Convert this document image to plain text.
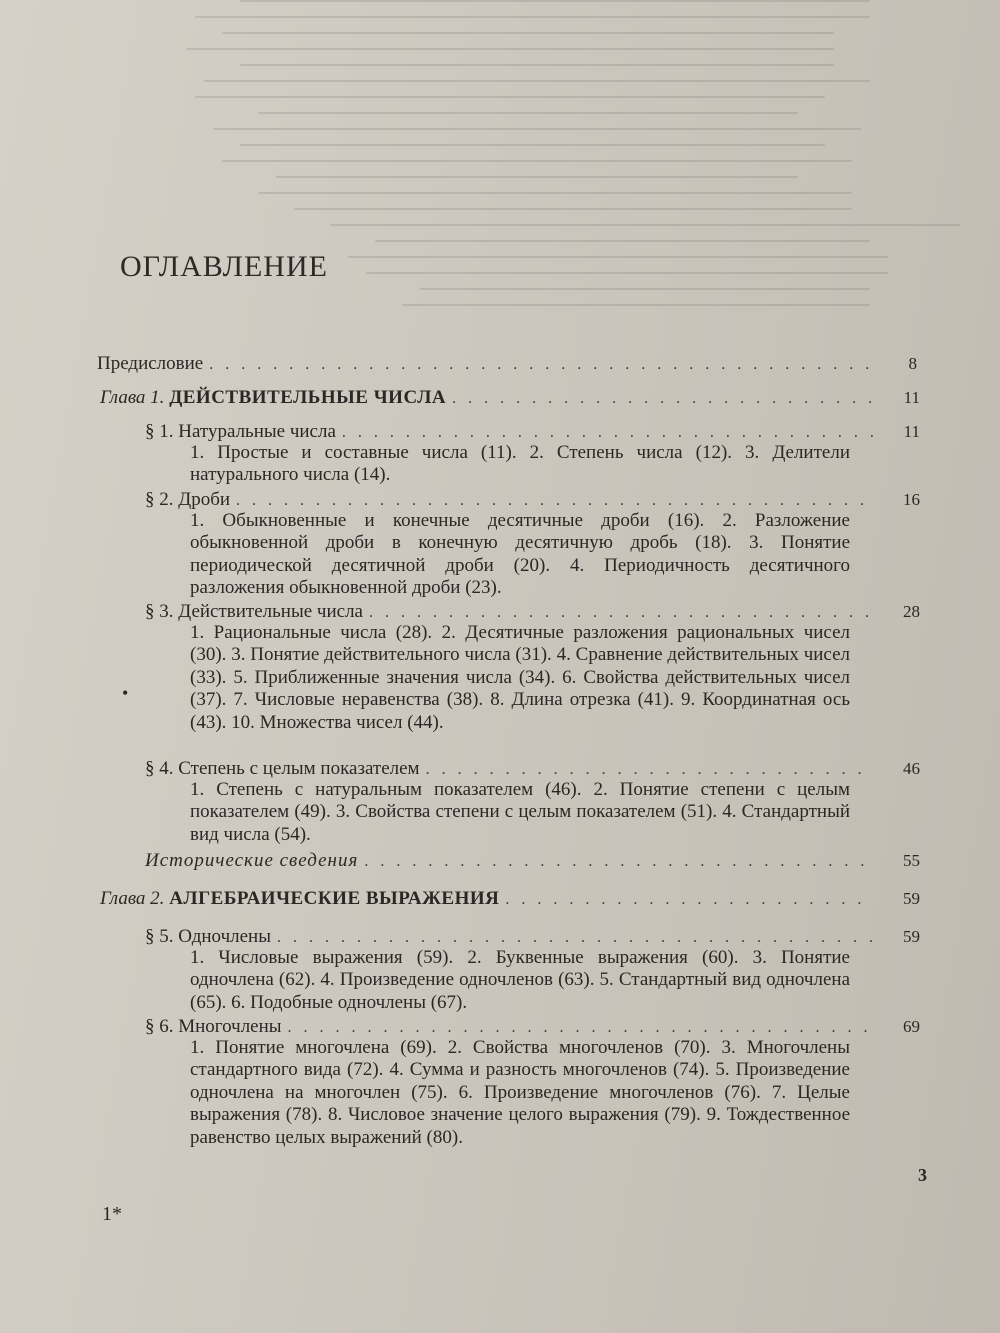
ОГЛАВЛЕНИЕ
Предисловие . . .	8
Глава 1. ДЕЙСТВИТЕЛЬНЫЕ ЧИСЛА . . .	11
§ 1. Натуральные числа . . .	11
1. Простые и составные числа (11). 2. Степень числа (12). 3. Делители натурального числа (14).
§ 2. Дроби . . .	16
1. Обыкновенные и конечные десятичные дроби (16). 2. Разложение обыкновенной дроби в конечную десятичную дробь (18). 3. Понятие периодической десятичной дроби (20). 4. Периодичность десятичного разложения обыкновенной дроби (23).
§ 3. Действительные числа . . .	28
1. Рациональные числа (28). 2. Десятичные разложения рациональных чисел (30). 3. Понятие действительного числа (31). 4. Сравнение действительных чисел (33). 5. Приближенные значения числа (34). 6. Свойства действительных чисел (37). 7. Числовые неравенства (38). 8. Длина отрезка (41). 9. Координатная ось (43). 10. Множества чисел (44).
•
§ 4. Степень с целым показателем . . .	46
1. Степень с натуральным показателем (46). 2. Понятие степени с целым показателем (49). 3. Свойства степени с целым показателем (51). 4. Стандартный вид числа (54).
Исторические сведения . . .	55
Глава 2. АЛГЕБРАИЧЕСКИЕ ВЫРАЖЕНИЯ . . .	59
§ 5. Одночлены . . .	59
1. Числовые выражения (59). 2. Буквенные выражения (60). 3. Понятие одночлена (62). 4. Произведение одночленов (63). 5. Стандартный вид одночлена (65). 6. Подобные одночлены (67).
§ 6. Многочлены . . .	69
1. Понятие многочлена (69). 2. Свойства многочленов (70). 3. Многочлены стандартного вида (72). 4. Сумма и разность многочленов (74). 5. Произведение одночлена на многочлен (75). 6. Произведение многочленов (76). 7. Целые выражения (78). 8. Числовое значение целого выражения (79). 9. Тождественное равенство целых выражений (80).
3
1*
